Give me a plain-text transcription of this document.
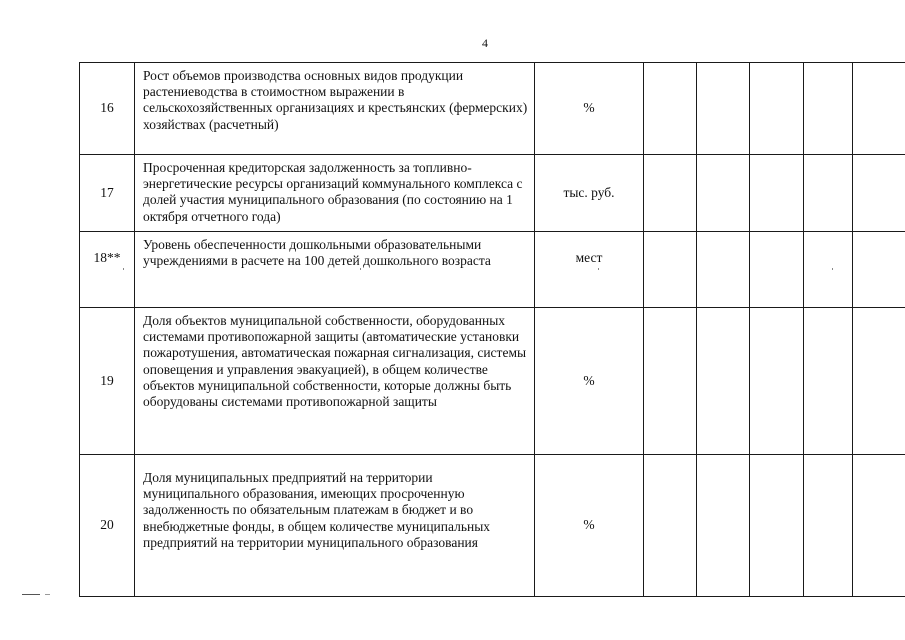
4
16	Рост объемов производства основных видов продукции растениеводства в стоимостном выражении в сельскохозяйственных организациях и крестьянских (фермерских) хозяйствах (расчетный)	%					
17	Просроченная кредиторская задолженность за топливно-энергетические ресурсы организаций коммунального комплекса с долей участия муниципального образования (по состоянию на 1 октября отчетного года)	тыс. руб.					
18**	Уровень обеспеченности дошкольными образовательными учреждениями в расчете на 100 детей дошкольного возраста	мест					
19	Доля объектов муниципальной собственности, оборудованных системами противопожарной защиты (автоматические установки пожаротушения, автоматическая пожарная сигнализация, системы оповещения и управления эвакуацией), в общем количестве объектов муниципальной собственности, которые должны быть оборудованы системами противопожарной защиты	%					
20	Доля муниципальных предприятий на территории муниципального образования, имеющих просроченную задолженность по обязательным платежам в бюджет и во внебюджетные фонды, в общем количестве муниципальных предприятий на территории муниципального образования	%					
